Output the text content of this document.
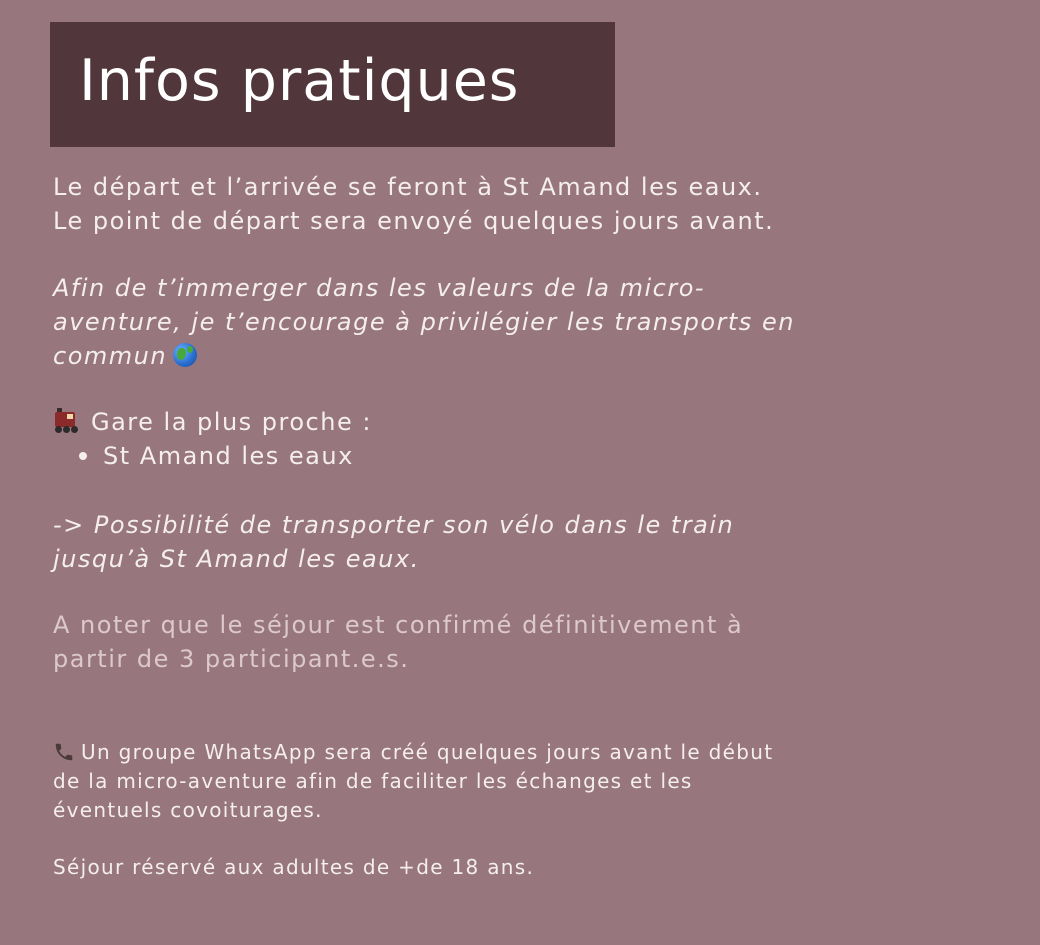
Infos pratiques

Le départ et l’arrivée se feront à St Amand les eaux.
Le point de départ sera envoyé quelques jours avant.

Afin de t’immerger dans les valeurs de la micro-
aventure, je t’encourage à privilégier les transports en
commun

Gare la plus proche :
St Amand les eaux

-> Possibilité de transporter son vélo dans le train
jusqu’à St Amand les eaux.

A noter que le séjour est confirmé définitivement à
partir de 3 participant.e.s.

Un groupe WhatsApp sera créé quelques jours avant le début
de la micro-aventure afin de faciliter les échanges et les
éventuels covoiturages.

Séjour réservé aux adultes de +de 18 ans.
